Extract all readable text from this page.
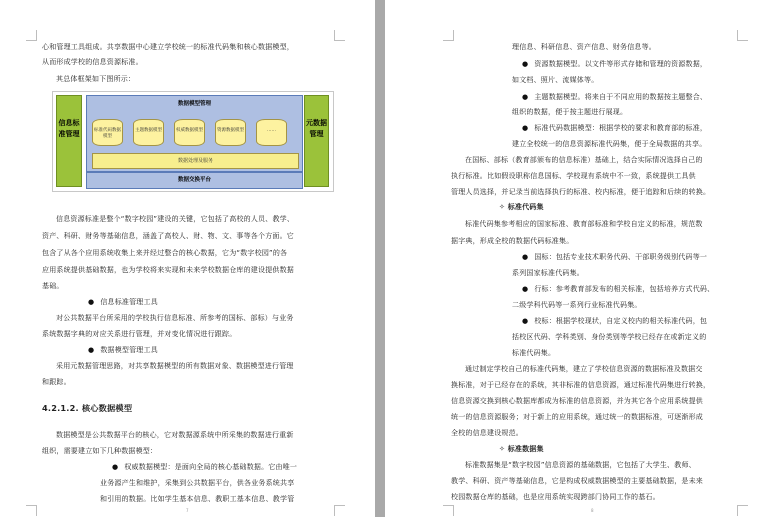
心和管理工具组成。共享数据中心建立学校统一的标准代码集和核心数据模型，

从而形成学校的信息资源标准。

其总体框架如下图所示：

信息标准管理
数据模型管理
标准代码数据模型
主题数据模型	权威数据模型	资源数据模型	……
数据处理及服务
数据交换平台
元数据管理

信息资源标准是整个“数字校园”建设的关键，它包括了高校的人员、教学、

资产、科研、财务等基础信息，涵盖了高校人、财、物、文、事等各个方面。它

包含了从各个应用系统收集上来并经过整合的核心数据，它为“数字校园”的各

应用系统提供基础数据，也为学校将来实现和未来学校数据仓库的建设提供数据

基础。

● 信息标准管理工具

对公共数据平台所采用的学校执行信息标准、所参考的国标、部标）与业务

系统数据字典的对应关系进行管理，并对变化情况进行跟踪。

● 数据模型管理工具

采用元数据管理思路，对共享数据模型的所有数据对象、数据模型进行管理

和跟踪。

4.2.1.2. 核心数据模型

数据模型是公共数据平台的核心，它对数据源系统中所采集的数据进行重新

组织，需要建立如下几种数据模型：

● 权威数据模型：是面向全局的核心基础数据。它由唯一

业务源产生和维护，采集到公共数据平台，供各业务系统共享

和引用的数据。比如学生基本信息、教职工基本信息、教学管

7

理信息、科研信息、资产信息、财务信息等。

● 资源数据模型。以文件等形式存储和管理的资源数据，

如文档、照片、流媒体等。

● 主题数据模型。将来自于不同应用的数据按主题整合、

组织的数据，便于按主题进行展现。

● 标准代码数据模型：根据学校的要求和教育部的标准，

建立全校统一的信息资源标准代码集，便于全局数据的共享。

在国标、部标（教育部颁布的信息标准）基础上，结合实际情况选择自己的

执行标准。比如假设职称信息国标、学校现有系统中不一致，系统提供工具供

管理人员选择，并记录当前选择执行的标准、校内标准，便于追踪和后续的转换。

✧ 标准代码集

标准代码集参考相应的国家标准、教育部标准和学校自定义的标准，规范数

据字典，形成全校的数据代码标准集。

● 国标：包括专业技术职务代码、干部职务级别代码等一

系列国家标准代码集。

● 行标：参考教育部发布的相关标准，包括培养方式代码、

二级学科代码等一系列行业标准代码集。

● 校标：根据学校现状，自定义校内的相关标准代码，包

括校区代码、学科类别、身份类别等学校已经存在或新定义的

标准代码集。

通过制定学校自己的标准代码集，建立了学校信息资源的数据标准及数据交

换标准，对于已经存在的系统，其非标准的信息资源，通过标准代码集进行转换，

信息资源交换到核心数据库都成为标准的信息资源，并为其它各个应用系统提供

统一的信息资源服务；对于新上的应用系统，通过统一的数据标准，可逐渐形成

全校的信息建设规范。

✧ 标准数据集

标准数据集是“数字校园”信息资源的基础数据，它包括了大学生、教师、

教学、科研、资产等基础信息，它是构成权威数据模型的主要基础数据，是未来

校园数据仓库的基础，也是应用系统实现跨部门协同工作的基石。

8
